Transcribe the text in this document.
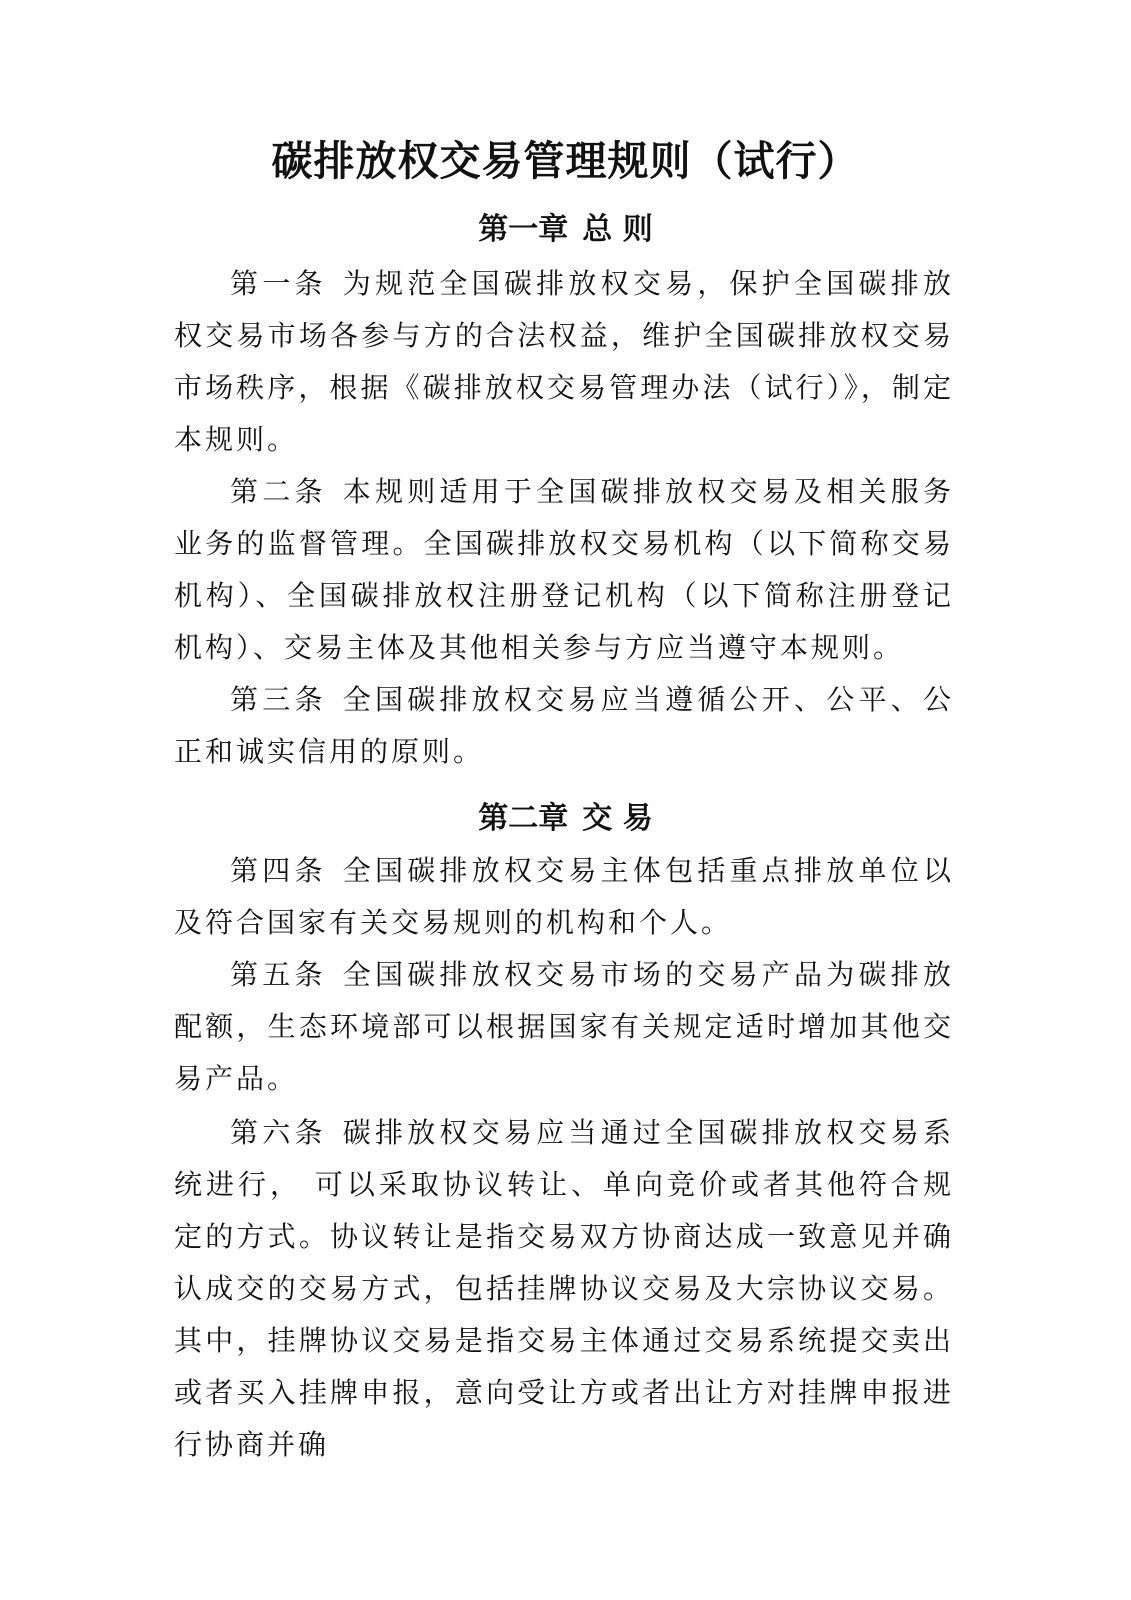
碳排放权交易管理规则（试行）
第一章 总 则

第一条 为规范全国碳排放权交易，保护全国碳排放权交易市场各参与方的合法权益，维护全国碳排放权交易市场秩序，根据《碳排放权交易管理办法（试行）》，制定本规则。

第二条 本规则适用于全国碳排放权交易及相关服务业务的监督管理。全国碳排放权交易机构（以下简称交易机构）、全国碳排放权注册登记机构（以下简称注册登记机构）、交易主体及其他相关参与方应当遵守本规则。

第三条 全国碳排放权交易应当遵循公开、公平、公正和诚实信用的原则。

第二章 交 易

第四条 全国碳排放权交易主体包括重点排放单位以及符合国家有关交易规则的机构和个人。

第五条 全国碳排放权交易市场的交易产品为碳排放配额，生态环境部可以根据国家有关规定适时增加其他交易产品。

第六条 碳排放权交易应当通过全国碳排放权交易系统进行， 可以采取协议转让、单向竞价或者其他符合规定的方式。协议转让是指交易双方协商达成一致意见并确认成交的交易方式，包括挂牌协议交易及大宗协议交易。其中，挂牌协议交易是指交易主体通过交易系统提交卖出或者买入挂牌申报，意向受让方或者出让方对挂牌申报进行协商并确
